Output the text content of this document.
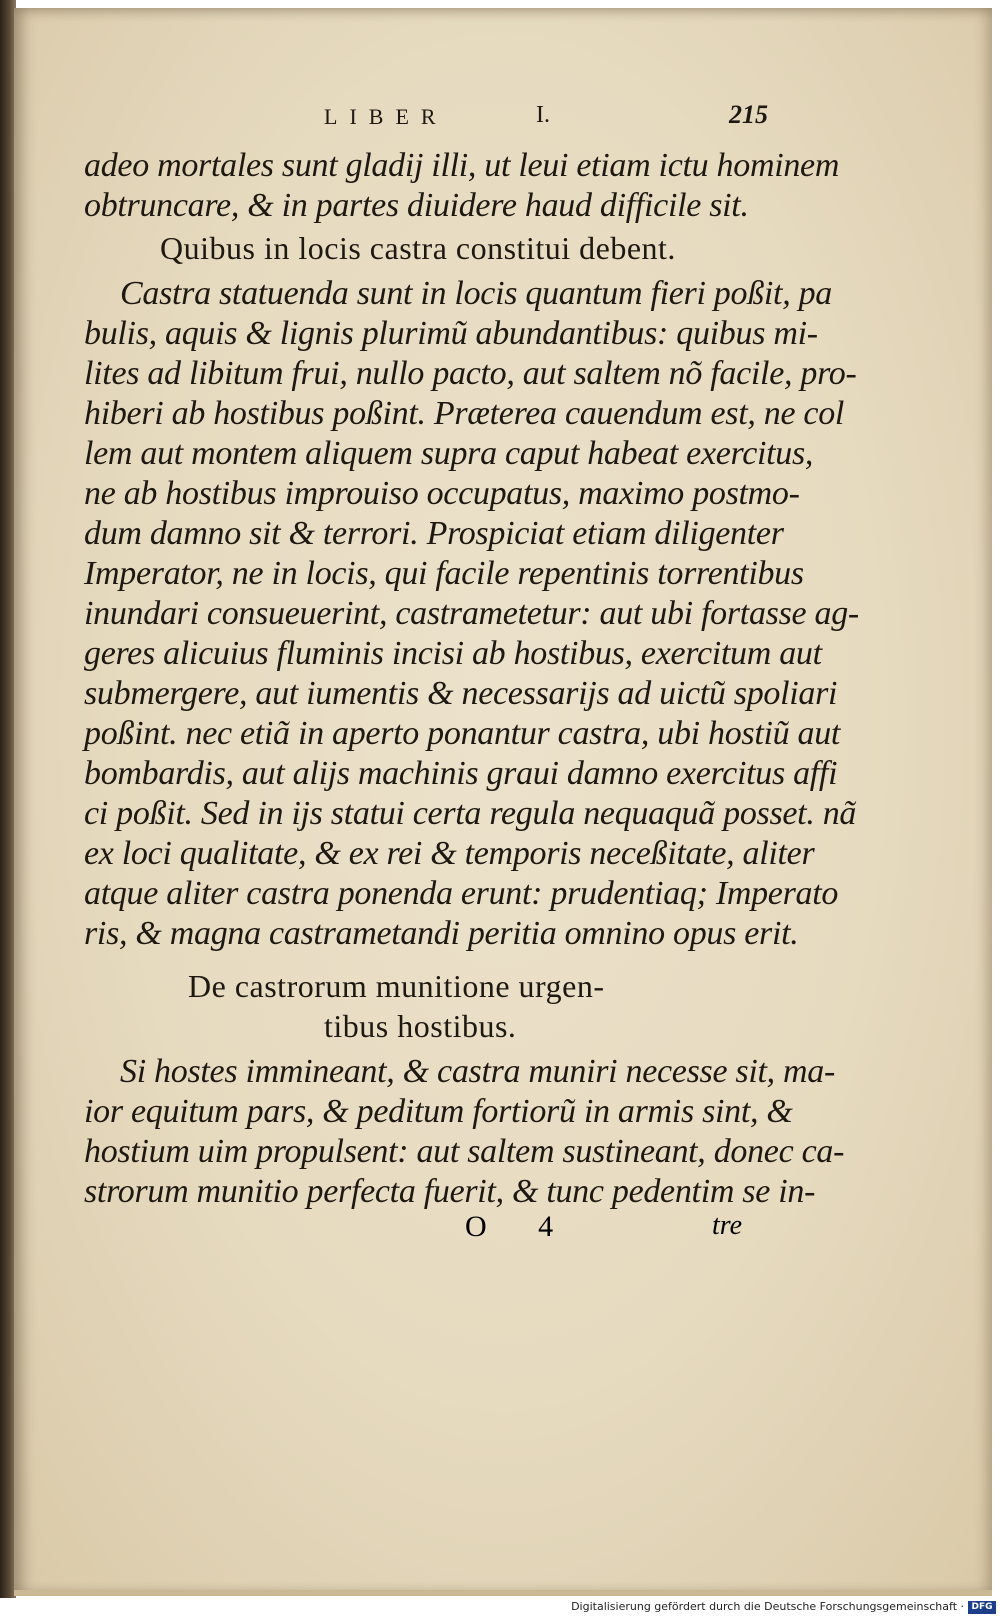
LIBER	I.	215
adeo mortales sunt gladij illi, ut leui etiam ictu hominem
obtruncare, & in partes diuidere haud difficile sit.
Quibus in locis castra constitui debent.
Castra statuenda sunt in locis quantum fieri poßit, pa
bulis, aquis & lignis plurimũ abundantibus: quibus mi-
lites ad libitum frui, nullo pacto, aut saltem nõ facile, pro-
hiberi ab hostibus poßint. Præterea cauendum est, ne col
lem aut montem aliquem supra caput habeat exercitus,
ne ab hostibus improuiso occupatus, maximo postmo-
dum damno sit & terrori. Prospiciat etiam diligenter
Imperator, ne in locis, qui facile repentinis torrentibus
inundari consueuerint, castrametetur: aut ubi fortasse ag-
geres alicuius fluminis incisi ab hostibus, exercitum aut
submergere, aut iumentis & necessarijs ad uictũ spoliari
poßint. nec etiã in aperto ponantur castra, ubi hostiũ aut
bombardis, aut alijs machinis graui damno exercitus affi
ci poßit. Sed in ijs statui certa regula nequaquã posset. nã
ex loci qualitate, & ex rei & temporis neceßitate, aliter
atque aliter castra ponenda erunt: prudentiaq; Imperato
ris, & magna castrametandi peritia omnino opus erit.
De castrorum munitione urgen-
tibus hostibus.
Si hostes immineant, & castra muniri necesse sit, ma-
ior equitum pars, & peditum fortiorũ in armis sint, &
hostium uim propulsent: aut saltem sustineant, donec ca-
strorum munitio perfecta fuerit, & tunc pedentim se in-
O 4	tre
Digitalisierung gefördert durch die Deutsche Forschungsgemeinschaft · DFG
